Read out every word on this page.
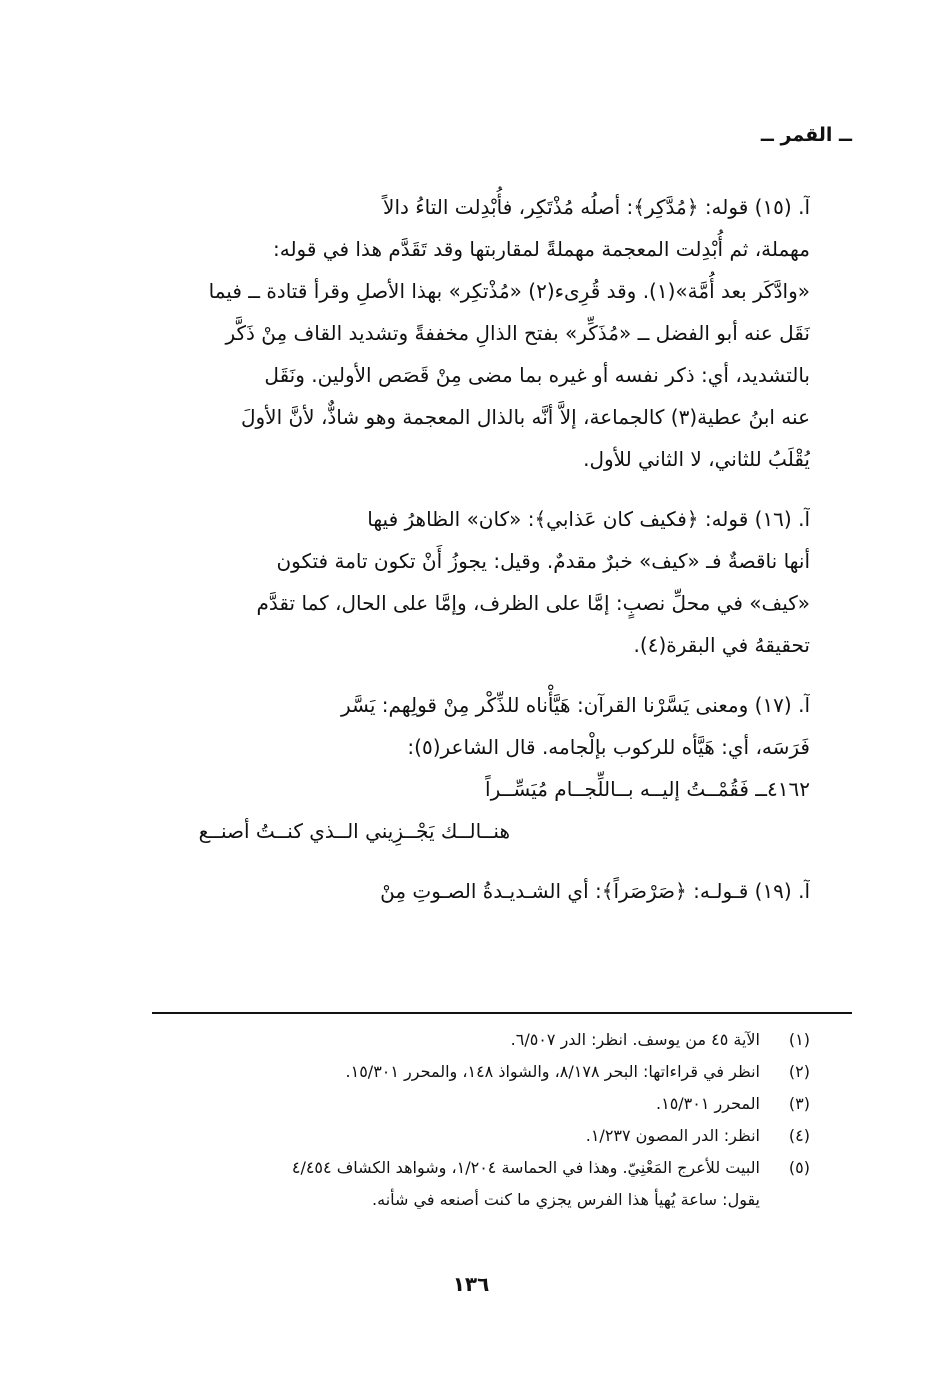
ــ القمر ــ
آ. (١٥) قوله: ﴿مُدَّكِر﴾: أصلُه مُذْتَكِر، فأُبْدِلت التاءُ دالاً
مهملة، ثم أُبْدِلت المعجمة مهملةً لمقاربتها وقد تَقَدَّم هذا في قوله:
«وادَّكَر بعد أُمَّة»(١). وقد قُرِىء(٢) «مُذْتكِر» بهذا الأصلِ وقرأ قتادة ــ فيما
نَقَل عنه أبو الفضل ــ «مُذَكِّر» بفتح الذالِ مخففةً وتشديد القاف مِنْ ذَكَّر
بالتشديد، أي: ذكر نفسه أو غيره بما مضى مِنْ قَصَص الأولين. ونَقَل
عنه ابنُ عطية(٣) كالجماعة، إلاَّ أنَّه بالذال المعجمة وهو شاذٌّ، لأنَّ الأولَ
يُقْلَبُ للثاني، لا الثاني للأول.
آ. (١٦) قوله: ﴿فكيف كان عَذابي﴾: «كان» الظاهرُ فيها
أنها ناقصةٌ فـ «كيف» خبرٌ مقدمٌ. وقيل: يجوزُ أَنْ تكون تامة فتكون
«كيف» في محلِّ نصبٍ: إمَّا على الظرف، وإمَّا على الحال، كما تقدَّم
تحقيقهُ في البقرة(٤).
آ. (١٧) ومعنى يَسَّرْنا القرآن: هَيَّأْناه للذِّكْر مِنْ قولِهم: يَسَّر
فَرَسَه، أي: هَيَّأه للركوب بإلْجامه. قال الشاعر(٥):
٤١٦٢ــ فَقُمْــتُ إليــه بــاللِّجــام مُيَسِّــراً
هنــالــك يَجْــزِيني الــذي كنــتُ أصنــع
آ. (١٩) قـولـه: ﴿صَرْصَراً﴾: أي الشـديـدةُ الصـوتِ مِنْ
(١)
الآية ٤٥ من يوسف. انظر: الدر ٦/٥٠٧.
(٢)
انظر في قراءاتها: البحر ٨/١٧٨، والشواذ ١٤٨، والمحرر ١٥/٣٠١.
(٣)
المحرر ١٥/٣٠١.
(٤)
انظر: الدر المصون ١/٢٣٧.
(٥)
البيت للأعرج المَعْنِيّ. وهذا في الحماسة ١/٢٠٤، وشواهد الكشاف ٤/٤٥٤
يقول: ساعة يُهيأ هذا الفرس يجزي ما كنت أصنعه في شأنه.
١٣٦
